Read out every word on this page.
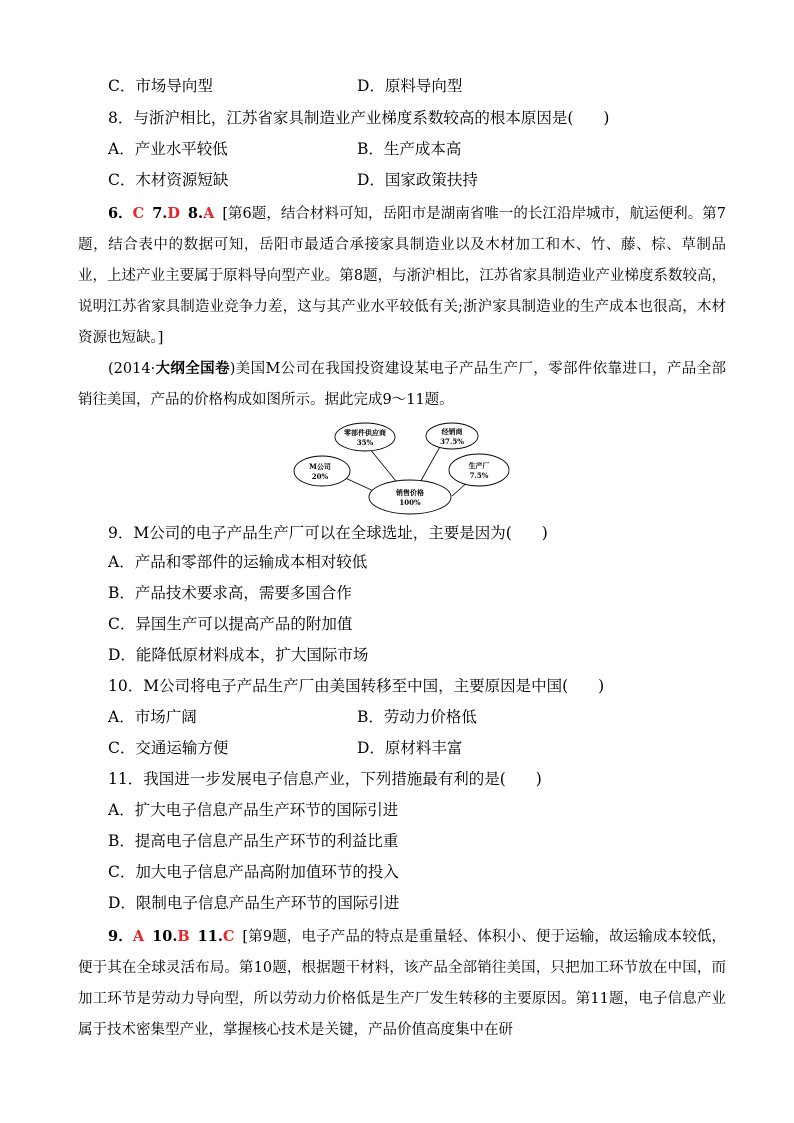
C．市场导向型	D．原料导向型
8．与浙沪相比，江苏省家具制造业产业梯度系数较高的根本原因是( )
A．产业水平较低	B．生产成本高
C．木材资源短缺	D．国家政策扶持
6．C 7.D 8.A [第6题，结合材料可知，岳阳市是湖南省唯一的长江沿岸城市，航运便利。第7题，结合表中的数据可知，岳阳市最适合承接家具制造业以及木材加工和木、竹、藤、棕、草制品业，上述产业主要属于原料导向型产业。第8题，与浙沪相比，江苏省家具制造业产业梯度系数较高，说明江苏省家具制造业竞争力差，这与其产业水平较低有关;浙沪家具制造业的生产成本也很高，木材资源也短缺。]
(2014·大纲全国卷)美国M公司在我国投资建设某电子产品生产厂，零部件依靠进口，产品全部销往美国，产品的价格构成如图所示。据此完成9～11题。
销售价格
100%
M公司
20%
零部件供应商
35%
经销商
37.5%
生产厂
7.5%
9．M公司的电子产品生产厂可以在全球选址，主要是因为( )
A．产品和零部件的运输成本相对较低
B．产品技术要求高，需要多国合作
C．异国生产可以提高产品的附加值
D．能降低原材料成本，扩大国际市场
10．M公司将电子产品生产厂由美国转移至中国，主要原因是中国( )
A．市场广阔	B．劳动力价格低
C．交通运输方便	D．原材料丰富
11．我国进一步发展电子信息产业，下列措施最有利的是( )
A．扩大电子信息产品生产环节的国际引进
B．提高电子信息产品生产环节的利益比重
C．加大电子信息产品高附加值环节的投入
D．限制电子信息产品生产环节的国际引进
9．A 10.B 11.C [第9题，电子产品的特点是重量轻、体积小、便于运输，故运输成本较低，便于其在全球灵活布局。第10题，根据题干材料，该产品全部销往美国，只把加工环节放在中国，而加工环节是劳动力导向型，所以劳动力价格低是生产厂发生转移的主要原因。第11题，电子信息产业属于技术密集型产业，掌握核心技术是关键，产品价值高度集中在研
